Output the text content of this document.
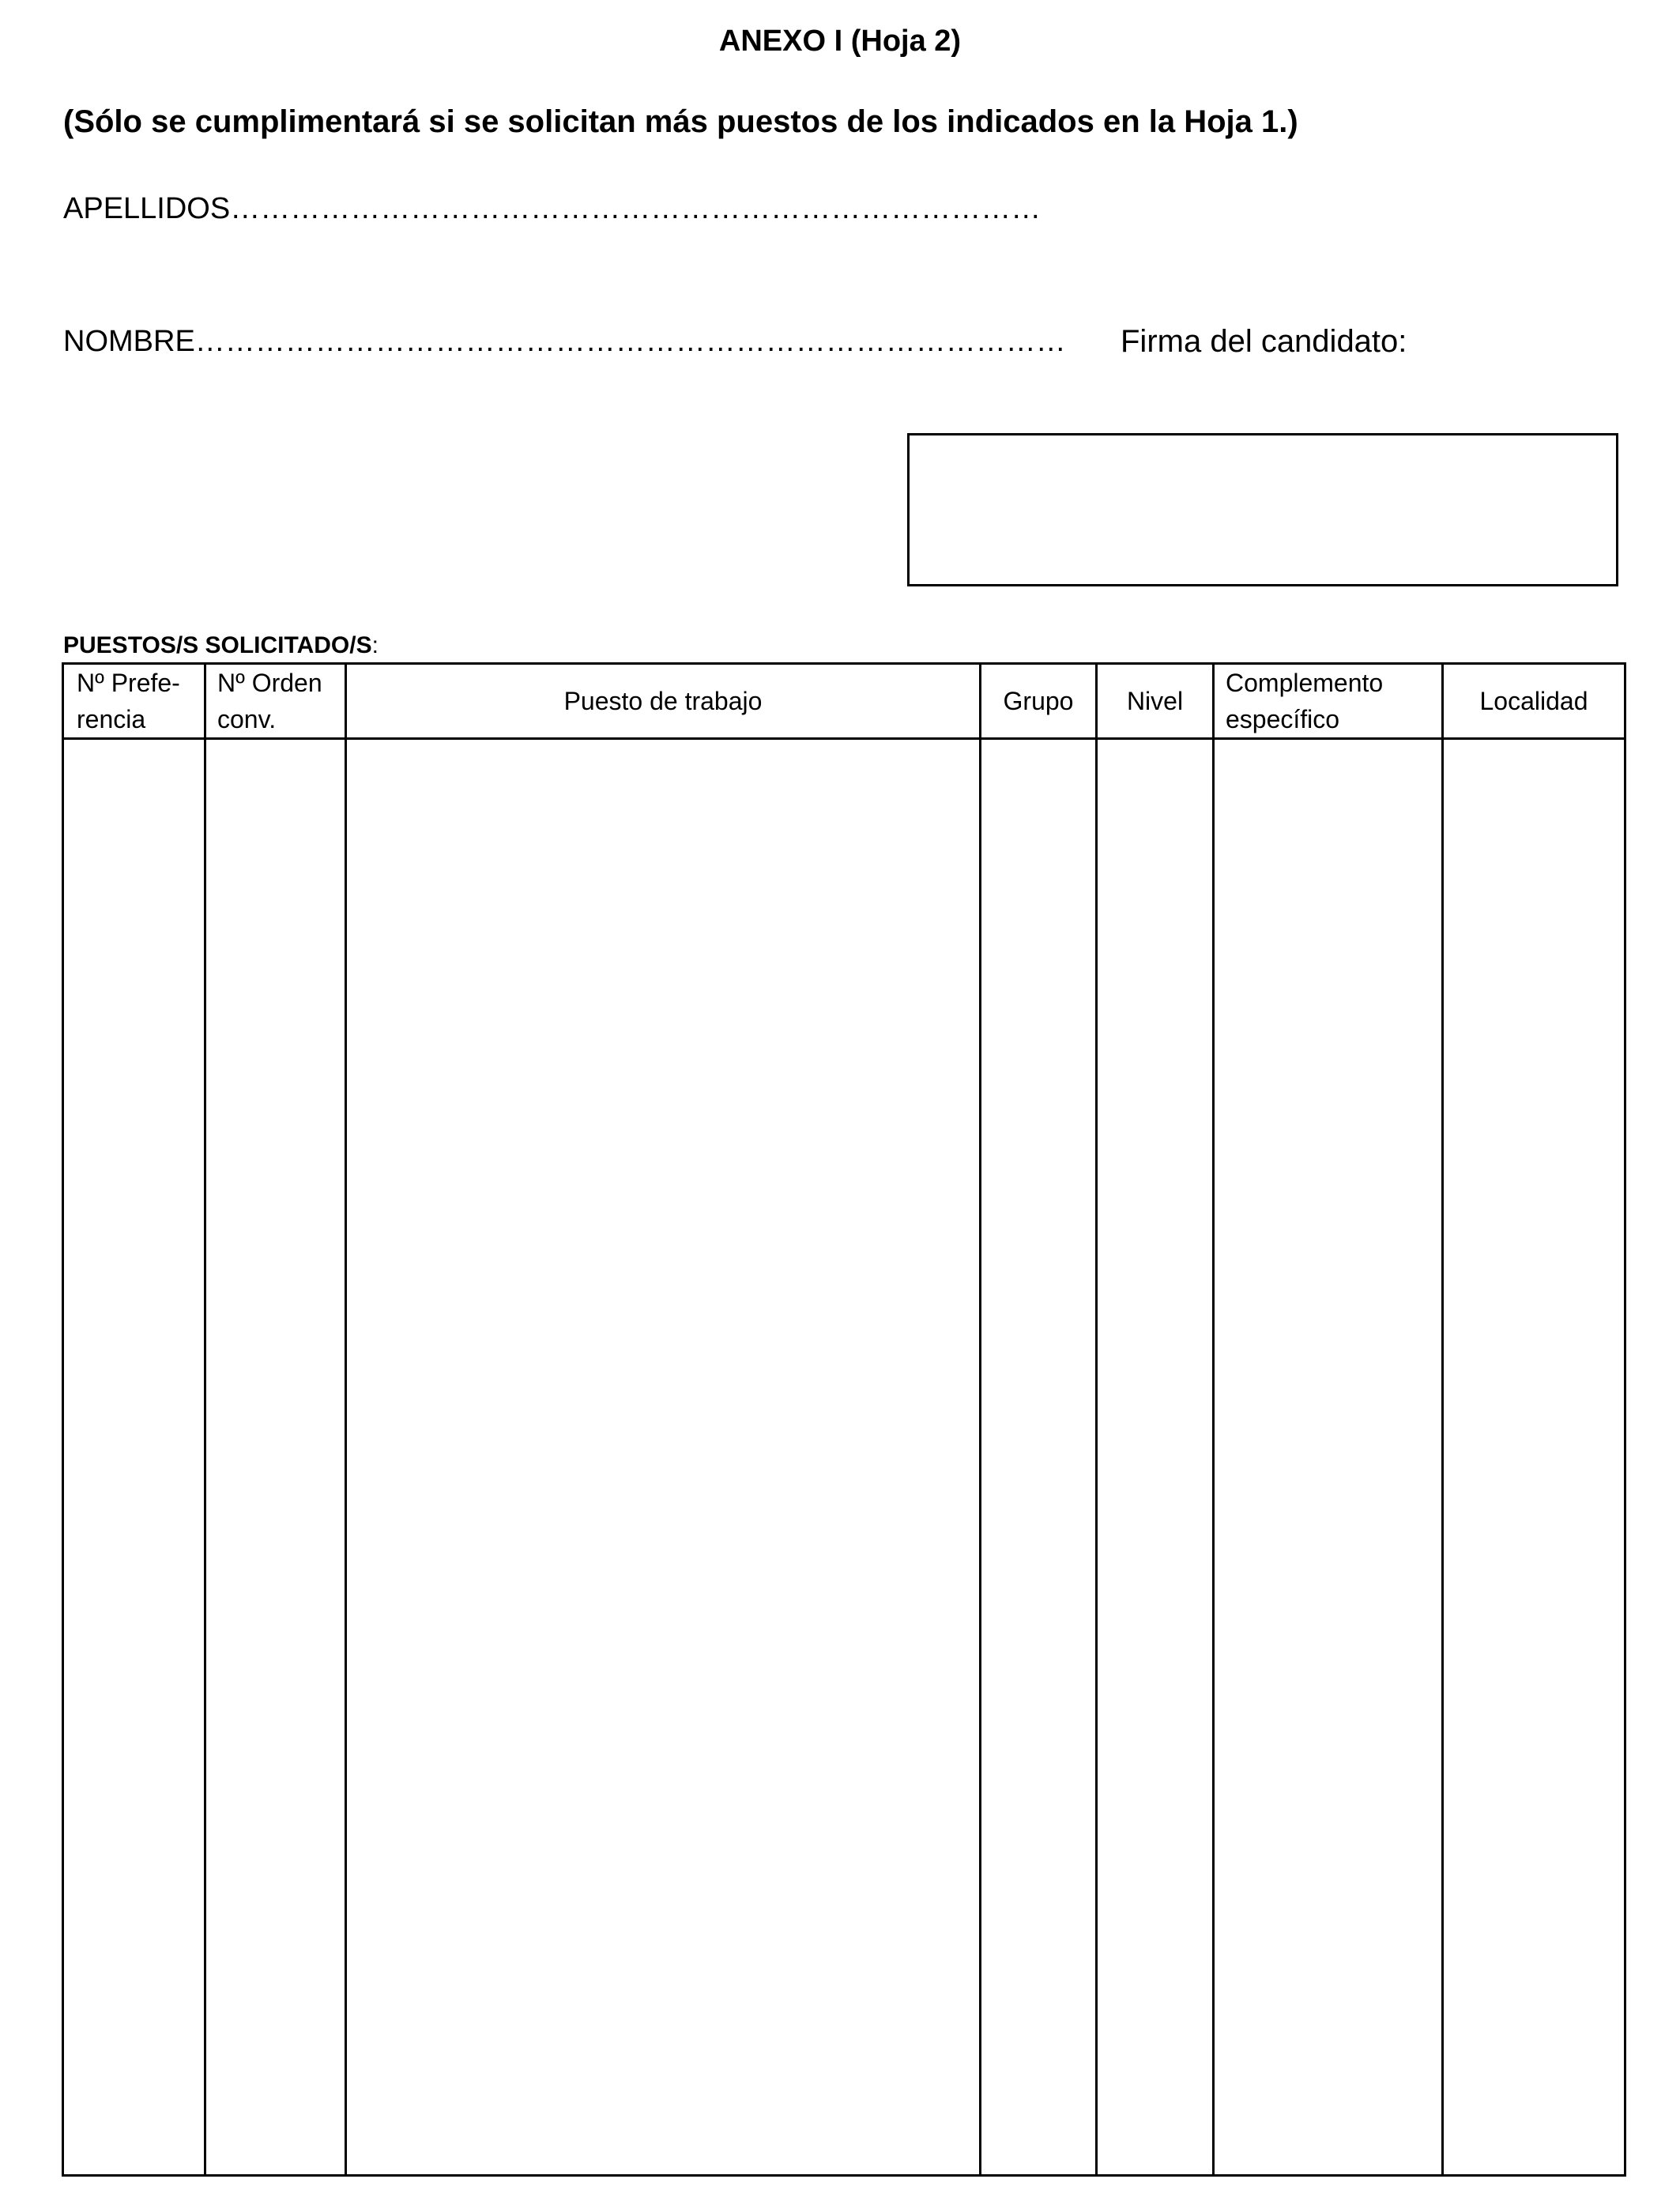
ANEXO I (Hoja 2)
(Sólo se cumplimentará si se solicitan más puestos de los indicados en la Hoja 1.)
APELLIDOS………………………………………………………………………
NOMBRE…………………………………………………………………………… Firma del candidato:
PUESTOS/S SOLICITADO/S:
Nº Prefe-
rencia
Nº Orden
conv.
Puesto de trabajo	Grupo	Nivel
Complemento
específico
Localidad
